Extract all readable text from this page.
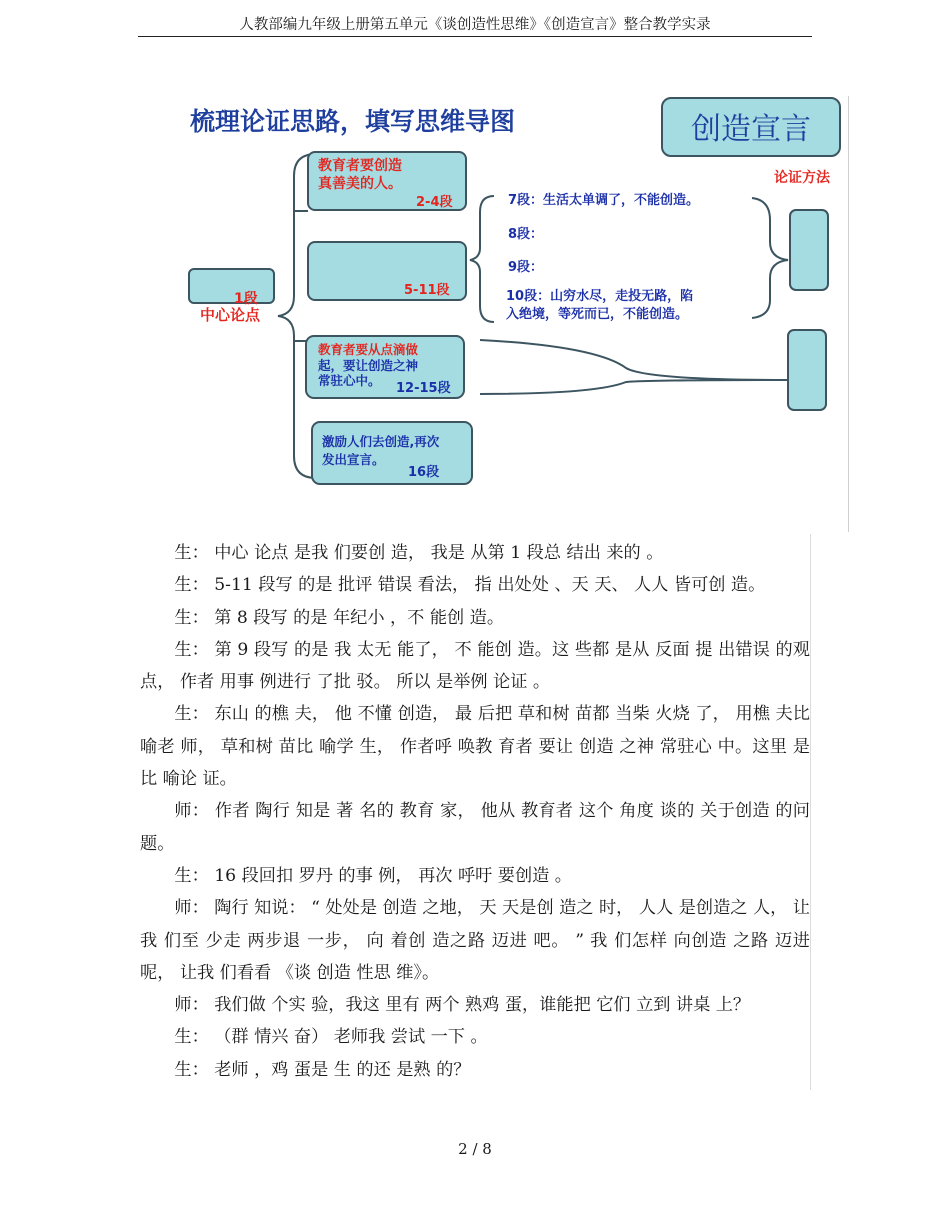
人教部编九年级上册第五单元《谈创造性思维》《创造宣言》整合教学实录
梳理论证思路，填写思维导图	创造宣言
论证方法
1段
中心论点
教育者要创造
真善美的人。
2-4段
5-11段
教育者要从点滴做
起，要让创造之神
常驻心中。
12-15段
激励人们去创造,再次
发出宣言。
16段
7段：生活太单调了，不能创造。
8段：
9段：
10段：山穷水尽，走投无路，陷
入绝境，等死而已，不能创造。

生： 中心 论点 是我 们要创 造， 我是 从第 1 段总 结出 来的 。

生： 5-11 段写 的是 批评 错误 看法， 指 出处处 、天 天、 人人 皆可创 造。

生： 第 8 段写 的是 年纪小 ，不 能创 造。

生： 第 9 段写 的是 我 太无 能了， 不 能创 造。这 些都 是从 反面 提 出错误 的观 点， 作者 用事 例进行 了批 驳。 所以 是举例 论证 。

生： 东山 的樵 夫， 他 不懂 创造， 最 后把 草和树 苗都 当柴 火烧 了， 用樵 夫比 喻老 师， 草和树 苗比 喻学 生， 作者呼 唤教 育者 要让 创造 之神 常驻心 中。这里 是比 喻论 证。

师： 作者 陶行 知是 著 名的 教育 家， 他从 教育者 这个 角度 谈的 关于创造 的问 题。

生： 16 段回扣 罗丹 的事 例， 再次 呼吁 要创造 。

师： 陶行 知说： “ 处处是 创造 之地， 天 天是创 造之 时， 人人 是创造之 人， 让我 们至 少走 两步退 一步， 向 着创 造之路 迈进 吧。 ” 我 们怎样 向创造 之路 迈进 呢， 让我 们看看 《谈 创造 性思 维》。

师： 我们做 个实 验，我这 里有 两个 熟鸡 蛋，谁能把 它们 立到 讲桌 上？

生： （群 情兴 奋） 老师我 尝试 一下 。

生： 老师 ，鸡 蛋是 生 的还 是熟 的？

2 / 8
